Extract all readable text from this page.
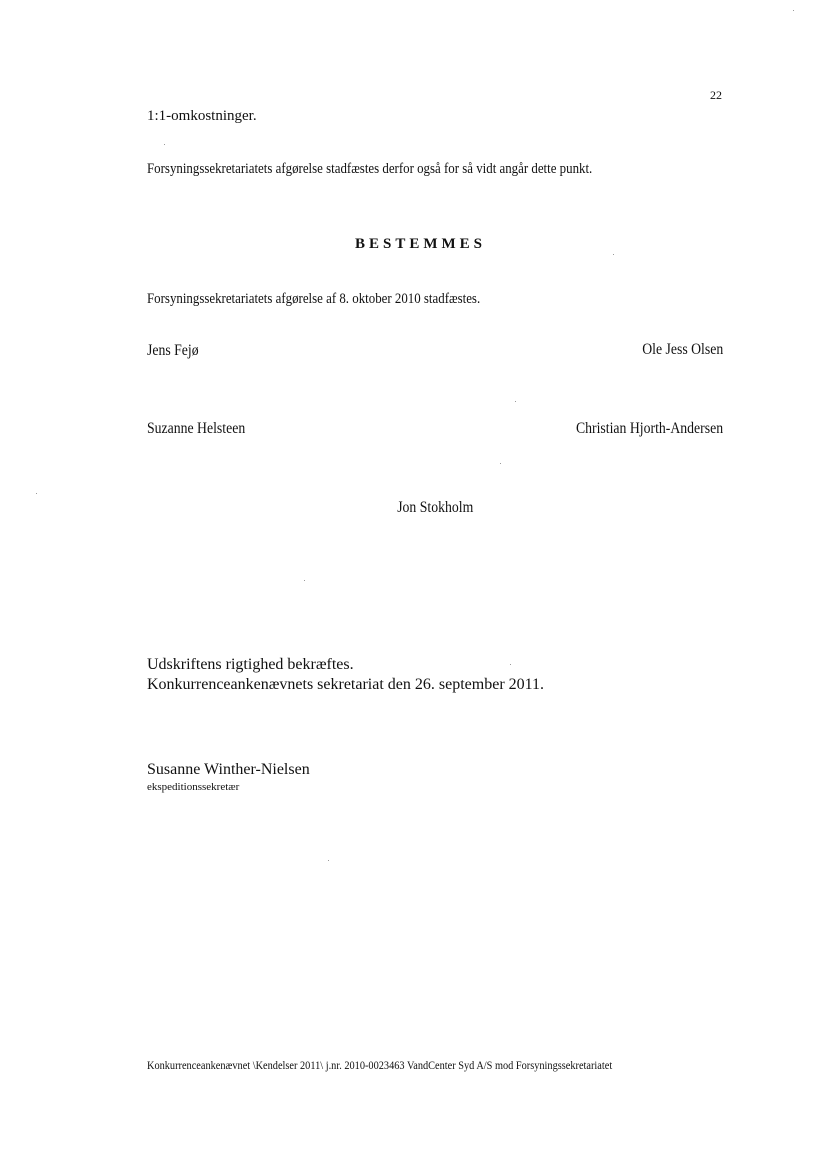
22

1:1-omkostninger.

Forsyningssekretariatets afgørelse stadfæstes derfor også for så vidt angår dette punkt.

BESTEMMES

Forsyningssekretariatets afgørelse af 8. oktober 2010 stadfæstes.

Jens Fejø	Ole Jess Olsen

Suzanne Helsteen	Christian Hjorth-Andersen

Jon Stokholm

Udskriftens rigtighed bekræftes.

Konkurrenceankenævnets sekretariat den 26. september 2011.

Susanne Winther-Nielsen

ekspeditionssekretær

Konkurrenceankenævnet \Kendelser 2011\ j.nr. 2010-0023463 VandCenter Syd A/S mod Forsyningssekretariatet
